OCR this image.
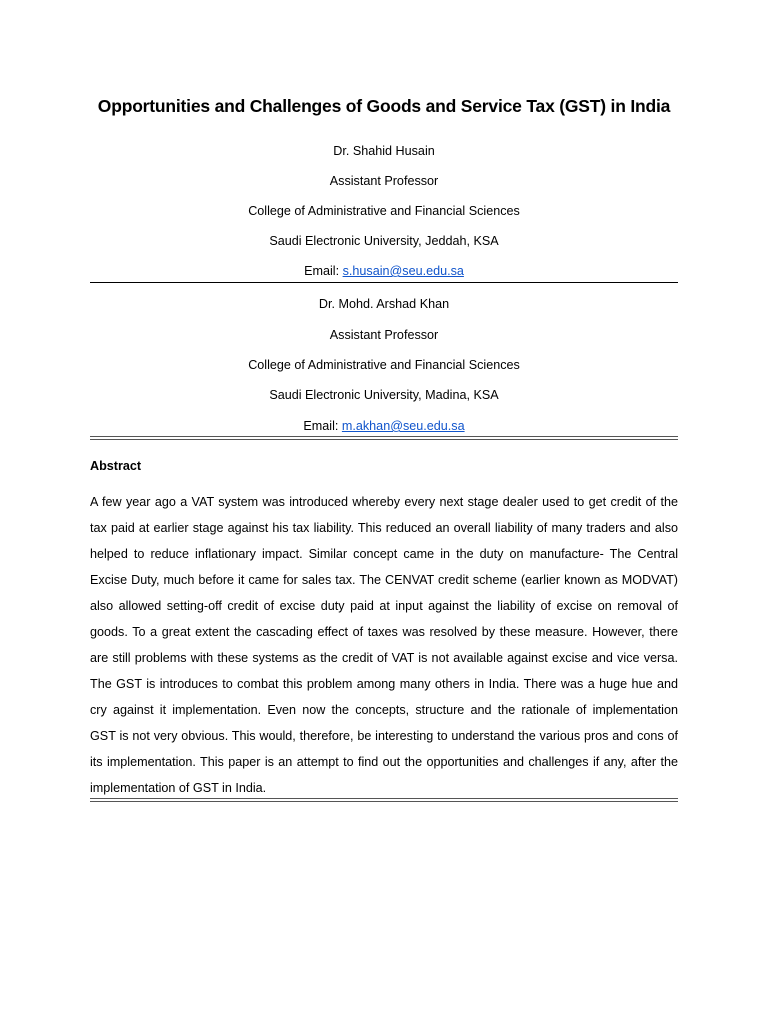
Opportunities and Challenges of Goods and Service Tax (GST) in India

Dr. Shahid Husain

Assistant Professor

College of Administrative and Financial Sciences

Saudi Electronic University, Jeddah, KSA

Email: s.husain@seu.edu.sa

Dr. Mohd. Arshad Khan

Assistant Professor

College of Administrative and Financial Sciences

Saudi Electronic University, Madina, KSA

Email: m.akhan@seu.edu.sa

Abstract
A few year ago a VAT system was introduced whereby every next stage dealer used to get credit of the
tax paid at earlier stage against his tax liability. This reduced an overall liability of many traders and also
helped to reduce inflationary impact. Similar concept came in the duty on manufacture- The Central
Excise Duty, much before it came for sales tax. The CENVAT credit scheme (earlier known as MODVAT)
also allowed setting-off credit of excise duty paid at input against the liability of excise on removal of
goods. To a great extent the cascading effect of taxes was resolved by these measure. However, there
are still problems with these systems as the credit of VAT is not available against excise and vice versa.
The GST is introduces to combat this problem among many others in India. There was a huge hue and
cry against it implementation. Even now the concepts, structure and the rationale of implementation
GST is not very obvious. This would, therefore, be interesting to understand the various pros and cons of
its implementation. This paper is an attempt to find out the opportunities and challenges if any, after the
implementation of GST in India.
